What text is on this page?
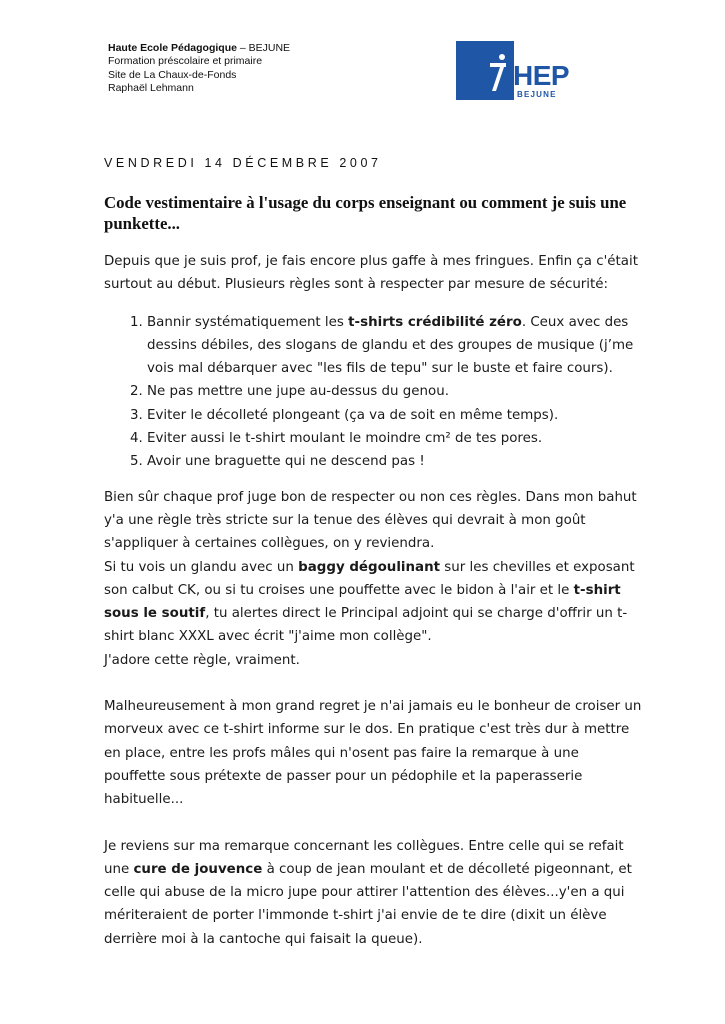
Haute Ecole Pédagogique – BEJUNE
Formation préscolaire et primaire
Site de La Chaux-de-Fonds
Raphaël Lehmann	HEP
BEJUNE
VENDREDI 14 DÉCEMBRE 2007
Code vestimentaire à l'usage du corps enseignant ou comment je suis une punkette...

Depuis que je suis prof, je fais encore plus gaffe à mes fringues. Enfin ça c'était surtout au début. Plusieurs règles sont à respecter par mesure de sécurité:

1. Bannir systématiquement les t-shirts crédibilité zéro. Ceux avec des dessins débiles, des slogans de glandu et des groupes de musique (j’me vois mal débarquer avec "les fils de tepu" sur le buste et faire cours).
2. Ne pas mettre une jupe au-dessus du genou.
3. Eviter le décolleté plongeant (ça va de soit en même temps).
4. Eviter aussi le t-shirt moulant le moindre cm² de tes pores.
5. Avoir une braguette qui ne descend pas !

Bien sûr chaque prof juge bon de respecter ou non ces règles. Dans mon bahut y'a une règle très stricte sur la tenue des élèves qui devrait à mon goût s'appliquer à certaines collègues, on y reviendra.

Si tu vois un glandu avec un baggy dégoulinant sur les chevilles et exposant son calbut CK, ou si tu croises une pouffette avec le bidon à l'air et le t-shirt sous le soutif, tu alertes direct le Principal adjoint qui se charge d'offrir un t-shirt blanc XXXL avec écrit "j'aime mon collège".

J'adore cette règle, vraiment.

Malheureusement à mon grand regret je n'ai jamais eu le bonheur de croiser un morveux avec ce t-shirt informe sur le dos. En pratique c'est très dur à mettre en place, entre les profs mâles qui n'osent pas faire la remarque à une pouffette sous prétexte de passer pour un pédophile et la paperasserie habituelle...

Je reviens sur ma remarque concernant les collègues. Entre celle qui se refait une cure de jouvence à coup de jean moulant et de décolleté pigeonnant, et celle qui abuse de la micro jupe pour attirer l'attention des élèves...y'en a qui mériteraient de porter l'immonde t-shirt j'ai envie de te dire (dixit un élève derrière moi à la cantoche qui faisait la queue).
